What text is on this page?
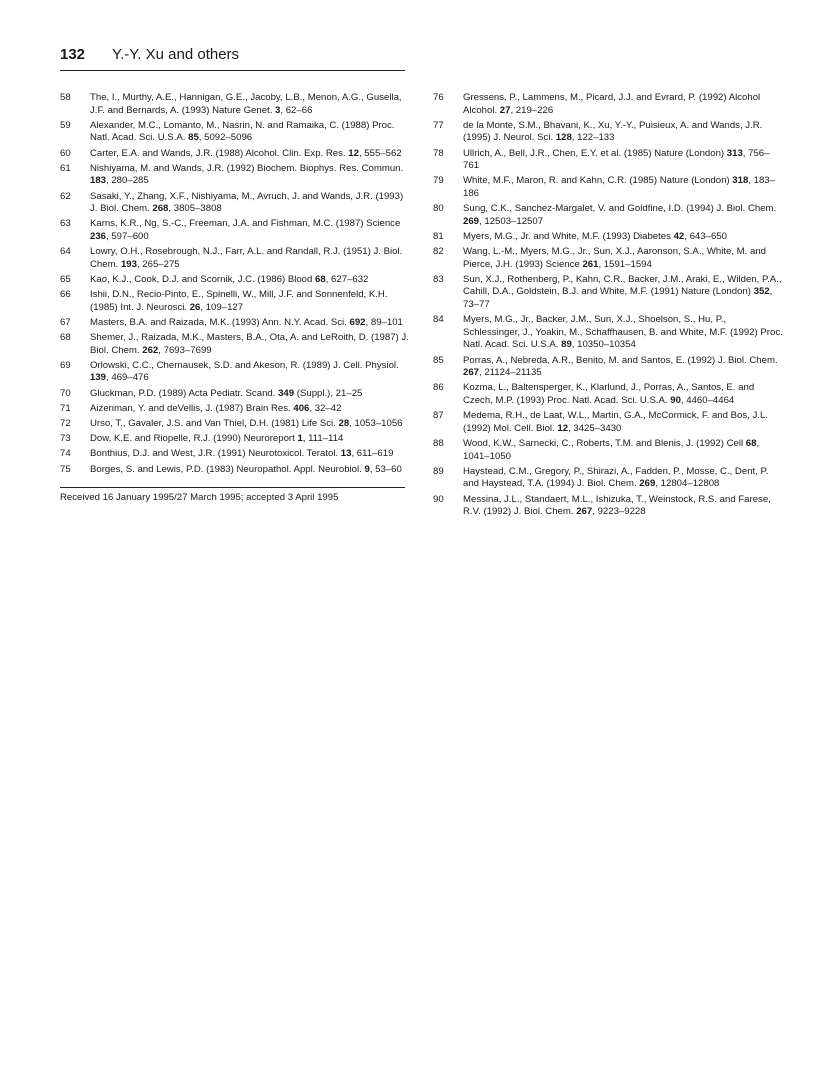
132 Y.-Y. Xu and others
58	The, I., Murthy, A.E., Hannigan, G.E., Jacoby, L.B., Menon, A.G., Gusella, J.F. and Bernards, A. (1993) Nature Genet. 3, 62–66
59	Alexander, M.C., Lomanto, M., Nasrin, N. and Ramaika, C. (1988) Proc. Natl. Acad. Sci. U.S.A. 85, 5092–5096
60	Carter, E.A. and Wands, J.R. (1988) Alcohol. Clin. Exp. Res. 12, 555–562
61	Nishiyama, M. and Wands, J.R. (1992) Biochem. Biophys. Res. Commun. 183, 280–285
62	Sasaki, Y., Zhang, X.F., Nishiyama, M., Avruch, J. and Wands, J.R. (1993) J. Biol. Chem. 268, 3805–3808
63	Karns, K.R., Ng, S.-C., Freeman, J.A. and Fishman, M.C. (1987) Science 236, 597–600
64	Lowry, O.H., Rosebrough, N.J., Farr, A.L. and Randall, R.J. (1951) J. Biol. Chem. 193, 265–275
65	Kao, K.J., Cook, D.J. and Scornik, J.C. (1986) Blood 68, 627–632
66	Ishii, D.N., Recio-Pinto, E., Spinelli, W., Mill, J.F. and Sonnenfeld, K.H. (1985) Int. J. Neurosci. 26, 109–127
67	Masters, B.A. and Raizada, M.K. (1993) Ann. N.Y. Acad. Sci. 692, 89–101
68	Shemer, J., Raizada, M.K., Masters, B.A., Ota, A. and LeRoith, D. (1987) J. Biol. Chem. 262, 7693–7699
69	Orlowski, C.C., Chernausek, S.D. and Akeson, R. (1989) J. Cell. Physiol. 139, 469–476
70	Gluckman, P.D. (1989) Acta Pediatr. Scand. 349 (Suppl.), 21–25
71	Aizenman, Y. and deVellis, J. (1987) Brain Res. 406, 32–42
72	Urso, T., Gavaler, J.S. and Van Thiel, D.H. (1981) Life Sci. 28, 1053–1056
73	Dow, K.E. and Riopelle, R.J. (1990) Neuroreport 1, 111–114
74	Bonthius, D.J. and West, J.R. (1991) Neurotoxicol. Teratol. 13, 611–619
75	Borges, S. and Lewis, P.D. (1983) Neuropathol. Appl. Neurobiol. 9, 53–60
76	Gressens, P., Lammens, M., Picard, J.J. and Evrard, P. (1992) Alcohol Alcohol. 27, 219–226
77	de la Monte, S.M., Bhavani, K., Xu, Y.-Y., Puisieux, A. and Wands, J.R. (1995) J. Neurol. Sci. 128, 122–133
78	Ullrich, A., Bell, J.R., Chen, E.Y. et al. (1985) Nature (London) 313, 756–761
79	White, M.F., Maron, R. and Kahn, C.R. (1985) Nature (London) 318, 183–186
80	Sung, C.K., Sanchez-Margalet, V. and Goldfine, I.D. (1994) J. Biol. Chem. 269, 12503–12507
81	Myers, M.G., Jr. and White, M.F. (1993) Diabetes 42, 643–650
82	Wang, L.-M., Myers, M.G., Jr., Sun, X.J., Aaronson, S.A., White, M. and Pierce, J.H. (1993) Science 261, 1591–1594
83	Sun, X.J., Rothenberg, P., Kahn, C.R., Backer, J.M., Araki, E., Wilden, P.A., Cahill, D.A., Goldstein, B.J. and White, M.F. (1991) Nature (London) 352, 73–77
84	Myers, M.G., Jr., Backer, J.M., Sun, X.J., Shoelson, S., Hu, P., Schlessinger, J., Yoakin, M., Schaffhausen, B. and White, M.F. (1992) Proc. Natl. Acad. Sci. U.S.A. 89, 10350–10354
85	Porras, A., Nebreda, A.R., Benito, M. and Santos, E. (1992) J. Biol. Chem. 267, 21124–21135
86	Kozma, L., Baltensperger, K., Klarlund, J., Porras, A., Santos, E. and Czech, M.P. (1993) Proc. Natl. Acad. Sci. U.S.A. 90, 4460–4464
87	Medema, R.H., de Laat, W.L., Martin, G.A., McCormick, F. and Bos, J.L. (1992) Mol. Cell. Biol. 12, 3425–3430
88	Wood, K.W., Sarnecki, C., Roberts, T.M. and Blenis, J. (1992) Cell 68, 1041–1050
89	Haystead, C.M., Gregory, P., Shirazi, A., Fadden, P., Mosse, C., Dent, P. and Haystead, T.A. (1994) J. Biol. Chem. 269, 12804–12808
90	Messina, J.L., Standaert, M.L., Ishizuka, T., Weinstock, R.S. and Farese, R.V. (1992) J. Biol. Chem. 267, 9223–9228
Received 16 January 1995/27 March 1995; accepted 3 April 1995
